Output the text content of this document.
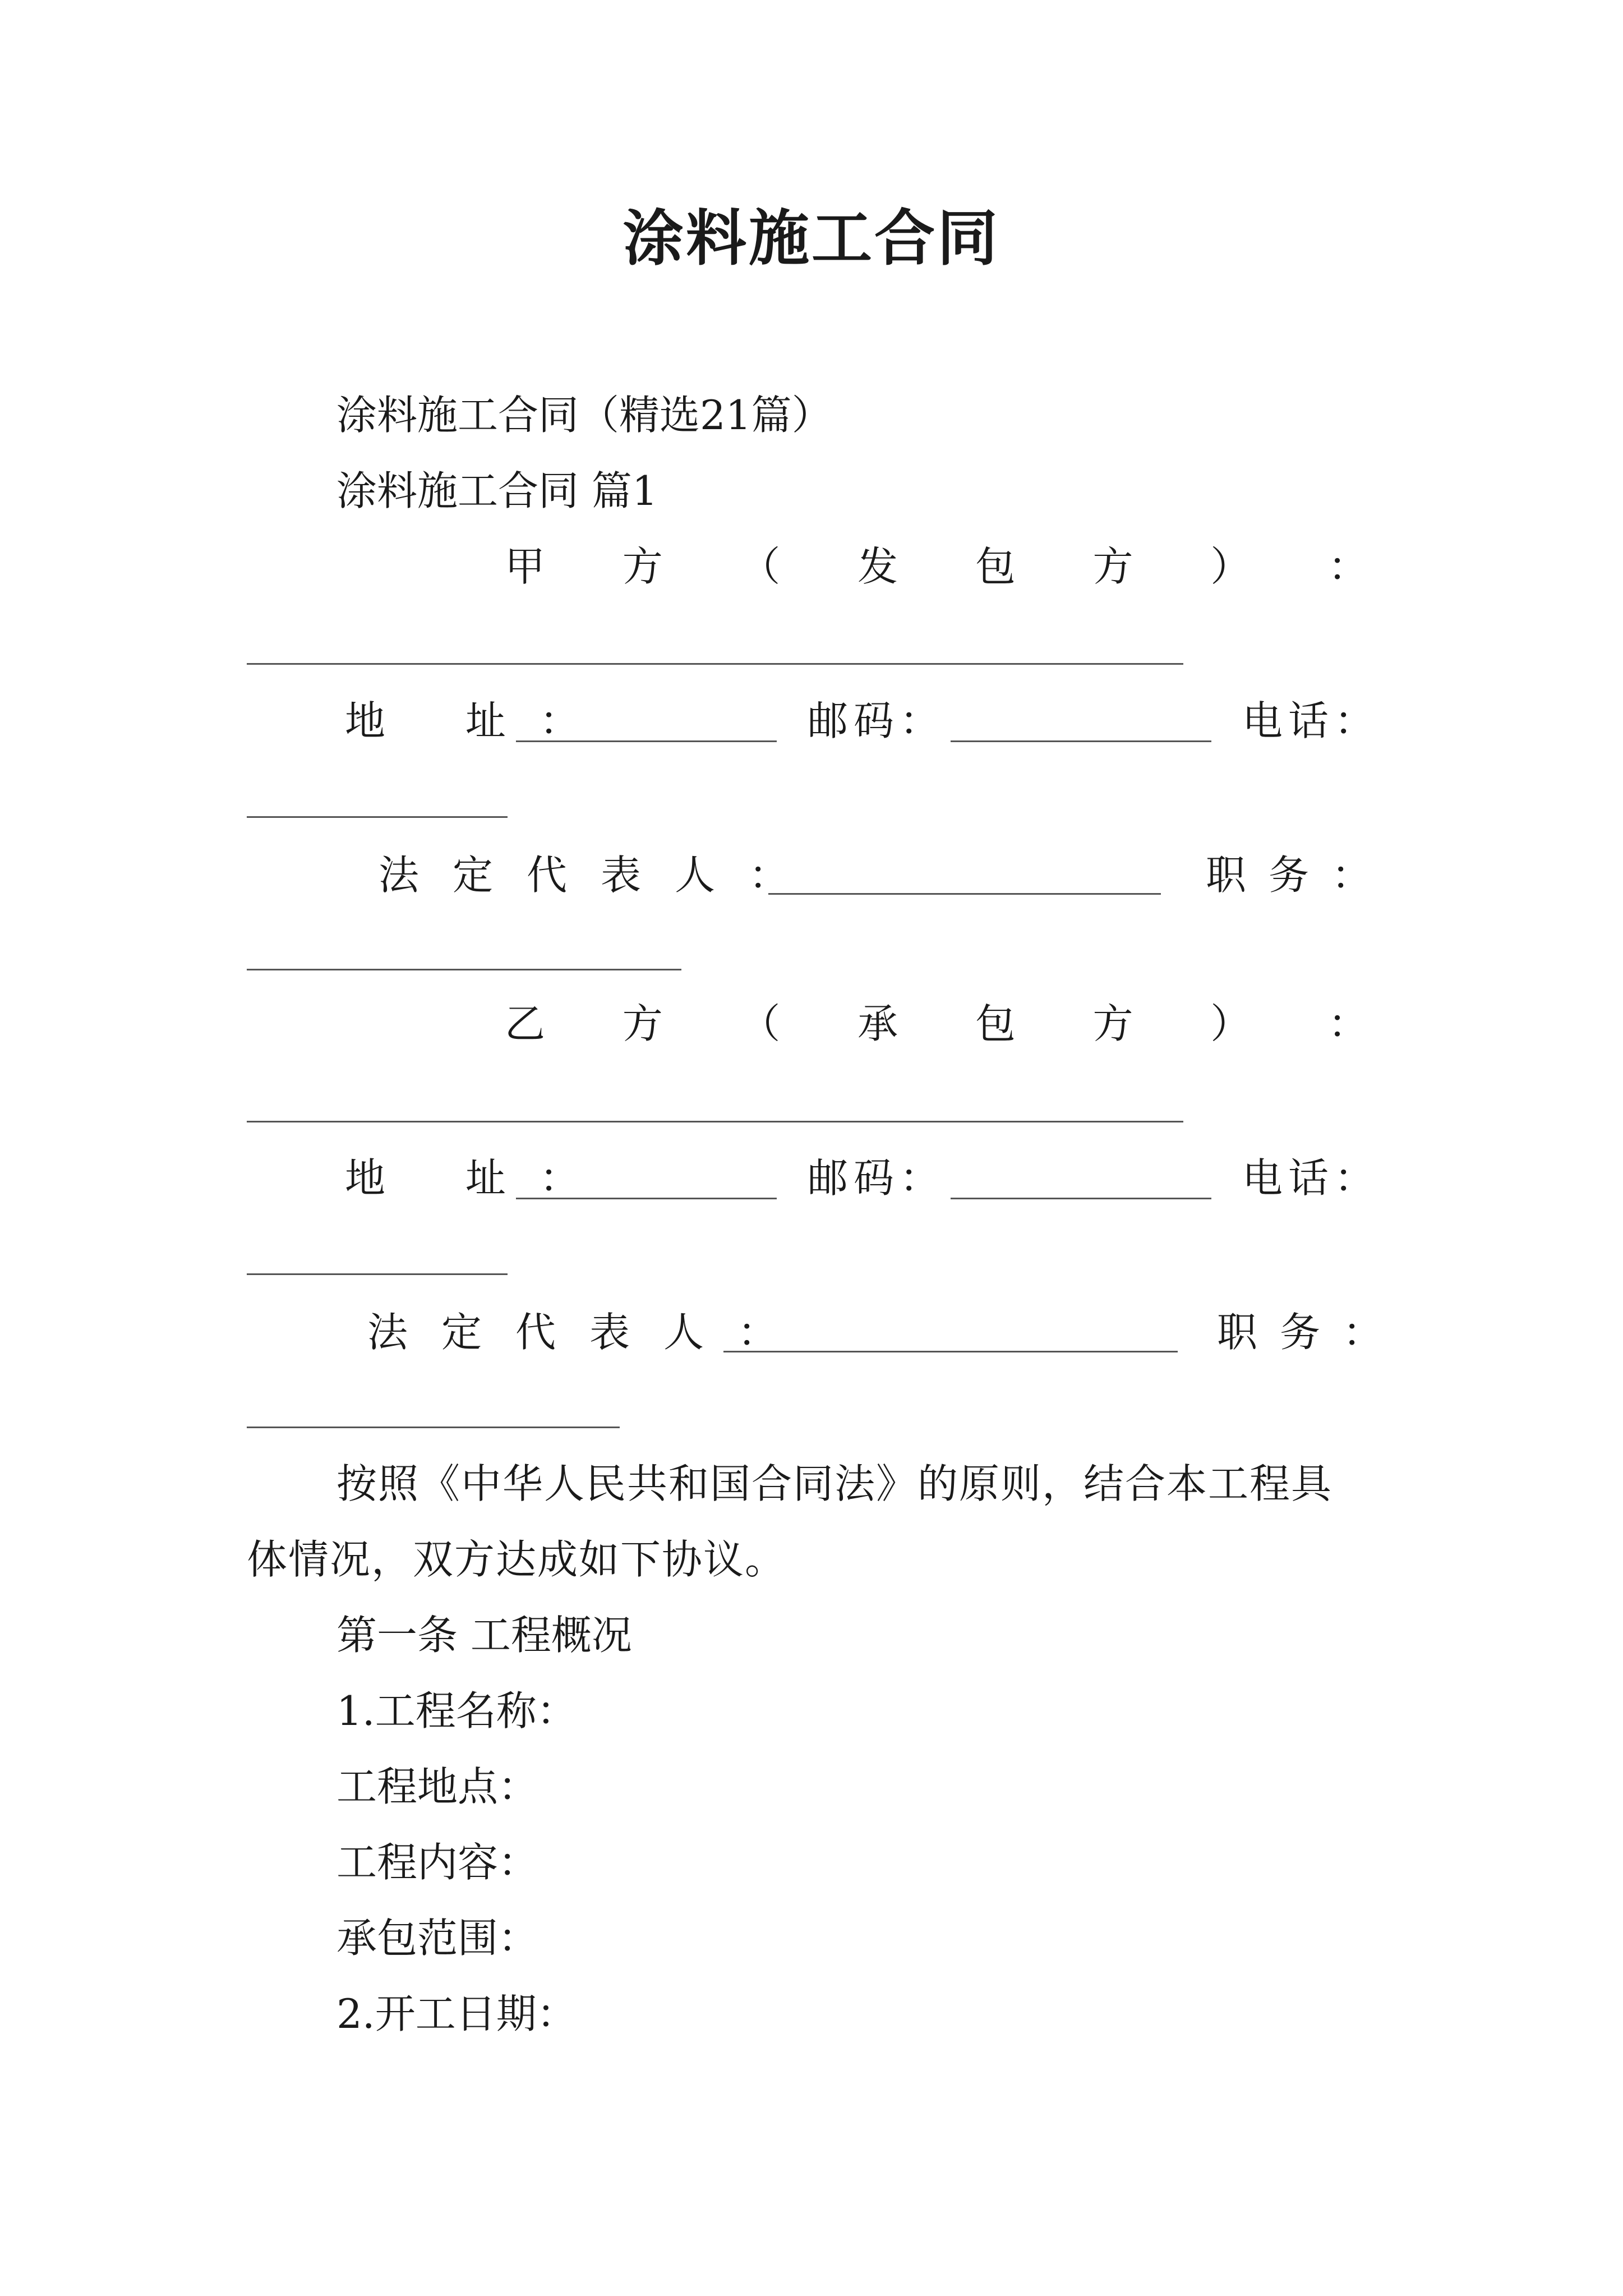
涂料施工合同
涂料施工合同（精选21篇）
涂料施工合同 篇1
甲 方 （ 发 包 方 ） ：
地 址：	邮码：	电话：
法定代表人：	职务：
乙 方 （ 承 包 方 ） ：
地 址：	邮码：	电话：
法定代表人：	职务：
按照《中华人民共和国合同法》的原则，结合本工程具
体情况，双方达成如下协议。
第一条 工程概况
1.工程名称：
工程地点：
工程内容：
承包范围：
2.开工日期：
